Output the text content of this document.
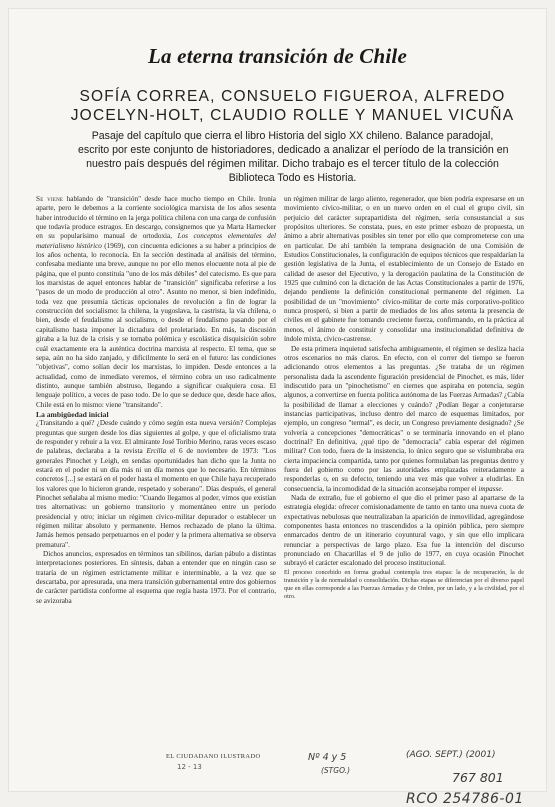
La eterna transición de Chile
SOFÍA CORREA, CONSUELO FIGUEROA, ALFREDO
JOCELYN-HOLT, CLAUDIO ROLLE Y MANUEL VICUÑA
Pasaje del capítulo que cierra el libro Historia del siglo XX chileno. Balance paradojal,
escrito por este conjunto de historiadores, dedicado a analizar el período de la transición en
nuestro país después del régimen militar. Dicho trabajo es el tercer título de la colección
Biblioteca Todo es Historia.

Se viene hablando de "transición" desde hace mucho tiempo en Chile. Ironía aparte, pero le debemos a la corriente sociológica marxista de los años sesenta haber introducido el término en la jerga política chilena con una carga de confusión que todavía produce estragos. En descargo, consignemos que ya Marta Harnecker en su popularísimo manual de ortodoxia, Los conceptos elementales del materialismo histórico (1969), con cincuenta ediciones a su haber a principios de los años ochenta, lo reconocía. En la sección destinada al análisis del término, confesaba mediante una breve, aunque no por ello menos elocuente nota al pie de página, que el punto constituía "uno de los más débiles" del catecismo. Es que para los marxistas de aquel entonces hablar de "transición" significaba referirse a los "pasos de un modo de producción al otro". Asunto no menor, si bien indefinido, toda vez que presumía tácticas opcionales de revolución a fin de lograr la construcción del socialismo: la chilena, la yugoslava, la castrista, la vía chilena, o bien, desde el feudalismo al socialismo, o desde el feudalismo pasando por el capitalismo hasta imponer la dictadura del proletariado. En más, la discusión giraba a la luz de la crisis y se tornaba polémica y escolástica disquisición sobre cuál exactamente era la auténtica doctrina marxista al respecto. El tema, que se sepa, aún no ha sido zanjado, y difícilmente lo será en el futuro: las condiciones "objetivas", como solían decir los marxistas, lo impiden. Desde entonces a la actualidad, como de inmediato veremos, el término cobra un uso radicalmente distinto, aunque también abstruso, llegando a significar cualquiera cosa. El lenguaje político, a veces de paso todo. De lo que se deduce que, desde hace años, Chile está en lo mismo: viene "transitando".

La ambigüedad inicial

¿Transitando a qué? ¿Desde cuándo y cómo según esta nueva versión? Complejas preguntas que surgen desde los días siguientes al golpe, y que el oficialismo trata de responder y rehuir a la vez. El almirante José Toribio Merino, raras veces escaso de palabras, declaraba a la revista Ercilla el 6 de noviembre de 1973: "Los generales Pinochet y Leigh, en sendas oportunidades han dicho que la Junta no estará en el poder ni un día más ni un día menos que lo necesario. En términos concretos [...] se estará en el poder hasta el momento en que Chile haya recuperado los valores que lo hicieron grande, respetado y soberano". Días después, el general Pinochet señalaba al mismo medio: "Cuando llegamos al poder, vimos que existían tres alternativas: un gobierno transitorio y momentáneo entre un período presidencial y otro; iniciar un régimen cívico-militar depurador o establecer un régimen militar absoluto y permanente. Hemos rechazado de plano la última. Jamás hemos pensado perpetuarnos en el poder y la primera alternativa se observa prematura".

Dichos anuncios, expresados en términos tan sibilinos, darían pábulo a distintas interpretaciones posteriores. En síntesis, daban a entender que en ningún caso se trataría de un régimen estrictamente militar e interminable, a la vez que se descartaba, por apresurada, una mera transición gubernamental entre dos gobiernos de carácter partidista conforme al esquema que regía hasta 1973. Por el contrario, se avizoraba

un régimen militar de largo aliento, regenerador, que bien podría expresarse en un movimiento cívico-militar, o en un nuevo orden en el cual el grupo civil, sin perjuicio del carácter suprapartidista del régimen, sería consustancial a sus propósitos ulteriores. Se constata, pues, en este primer esbozo de propuesta, un ánimo a abrir alternativas posibles sin tener por ello que comprometerse con una en particular. De ahí también la temprana designación de una Comisión de Estudios Constitucionales, la configuración de equipos técnicos que respaldarían la gestión legislativa de la Junta, el establecimiento de un Consejo de Estado en calidad de asesor del Ejecutivo, y la derogación paulatina de la Constitución de 1925 que culminó con la dictación de las Actas Constitucionales a partir de 1976, dejando pendiente la definición constitucional permanente del régimen. La posibilidad de un "movimiento" cívico-militar de corte más corporativo-político nunca prosperó, si bien a partir de mediados de los años setenta la presencia de civiles en el gabinete fue tomando creciente fuerza, confirmando, en la práctica al menos, el ánimo de constituir y consolidar una institucionalidad definitiva de índole mixta, cívico-castrense.

De esta primera inquietud satisfecha ambiguamente, el régimen se desliza hacia otros escenarios no más claros. En efecto, con el correr del tiempo se fueron adicionando otros elementos a las preguntas. ¿Se trataba de un régimen personalista dada la ascendente figuración presidencial de Pinochet, es más, líder indiscutido para un "pinochetismo" en ciernes que aspiraba en potencia, según algunos, a convertirse en fuerza política autónoma de las Fuerzas Armadas? ¿Cabía la posibilidad de llamar a elecciones y cuándo? ¿Podían llegar a conjeturarse instancias participativas, incluso dentro del marco de esquemas limitados, por ejemplo, un congreso "termal", es decir, un Congreso previamente designado? ¿Se volvería a concepciones "democráticas" o se terminaría innovando en el plano doctrinal? En definitiva, ¿qué tipo de "democracia" cabía esperar del régimen militar? Con todo, fuera de la insistencia, lo único seguro que se vislumbraba era cierta impaciencia compartida, tanto por quienes formulaban las preguntas dentro y fuera del gobierno como por las autoridades emplazadas reiteradamente a responderlas o, en su defecto, teniendo una vez más que volver a eludirlas. En consecuencia, la incomodidad de la situación aconsejaba romper el impasse.

Nada de extraño, fue el gobierno el que dio el primer paso al apartarse de la estrategia elegida: ofrecer comisionadamente de tanto en tanto una nueva cuota de expectativas nebulosas que neutralizaban la aparición de inmovilidad, agregándose componentes hasta entonces no trascendidos a la opinión pública, pero siempre enmarcados dentro de un itinerario coyuntural vago, y sin que ello implicara renunciar a perspectivas de largo plazo. Esa fue la intención del discurso pronunciado en Chacarillas el 9 de julio de 1977, en cuya ocasión Pinochet subrayó el carácter escalonado del proceso institucional.

El proceso concebido en forma gradual contempla tres etapas: la de recuperación, la de transición y la de normalidad o consolidación. Dichas etapas se diferencian por el diverso papel que en ellas corresponde a las Fuerzas Armadas y de Orden, por un lado, y a la civilidad, por el otro.

EL CIUDADANO ILUSTRADO
12 - 13
Nº 4 y 5	(AGO. SEPT.) (2001)
(STGO.)	767 801
RCO 254786-01
